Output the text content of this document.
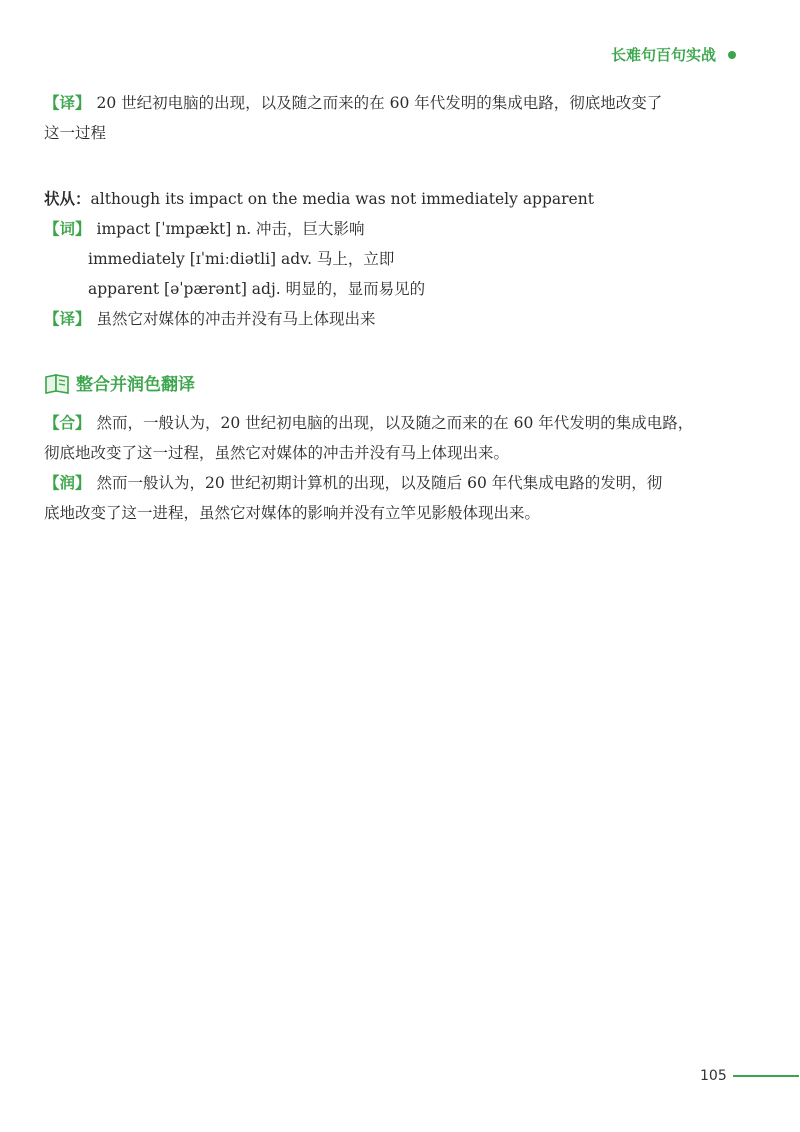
长难句百句实战
【译】 20 世纪初电脑的出现，以及随之而来的在 60 年代发明的集成电路，彻底地改变了
这一过程
状从：although its impact on the media was not immediately apparent
【词】 impact [ˈɪmpækt] n. 冲击，巨大影响
immediately [ɪˈmiːdiətli] adv. 马上，立即
apparent [əˈpærənt] adj. 明显的，显而易见的
【译】 虽然它对媒体的冲击并没有马上体现出来
整合并润色翻译
【合】 然而，一般认为，20 世纪初电脑的出现，以及随之而来的在 60 年代发明的集成电路，
彻底地改变了这一过程，虽然它对媒体的冲击并没有马上体现出来。
【润】 然而一般认为，20 世纪初期计算机的出现，以及随后 60 年代集成电路的发明，彻
底地改变了这一进程，虽然它对媒体的影响并没有立竿见影般体现出来。
105
